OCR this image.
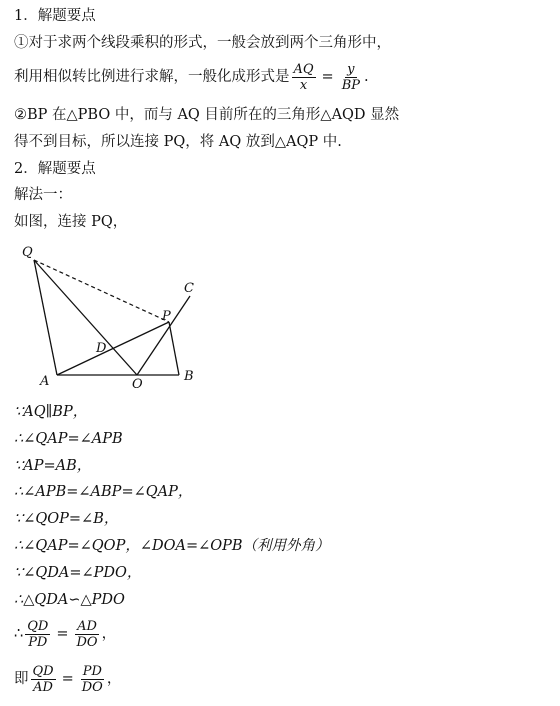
1．解题要点
①对于求两个线段乘积的形式，一般会放到两个三角形中，
利用相似转比例进行求解，一般化成形式是 $\frac{AQ}{x} = \frac{y}{BP}$ .
②BP 在△PBO 中，而与 AQ 目前所在的三角形△AQD 显然
得不到目标，所以连接 PQ，将 AQ 放到△AQP 中.
2．解题要点
解法一：
如图，连接 PQ，
Q
C
P
D
A	O
B
∵AQ∥BP，
∴∠QAP=∠APB
∵AP=AB，
∴∠APB=∠ABP=∠QAP，
∵∠QOP=∠B，
∴∠QAP=∠QOP，∠DOA=∠OPB（利用外角）
∵∠QDA=∠PDO，
∴△QDA∽△PDO
∴ $\frac{QD}{PD} = \frac{AD}{DO}$ ，
即 $\frac{QD}{AD} = \frac{PD}{DO}$ ，
